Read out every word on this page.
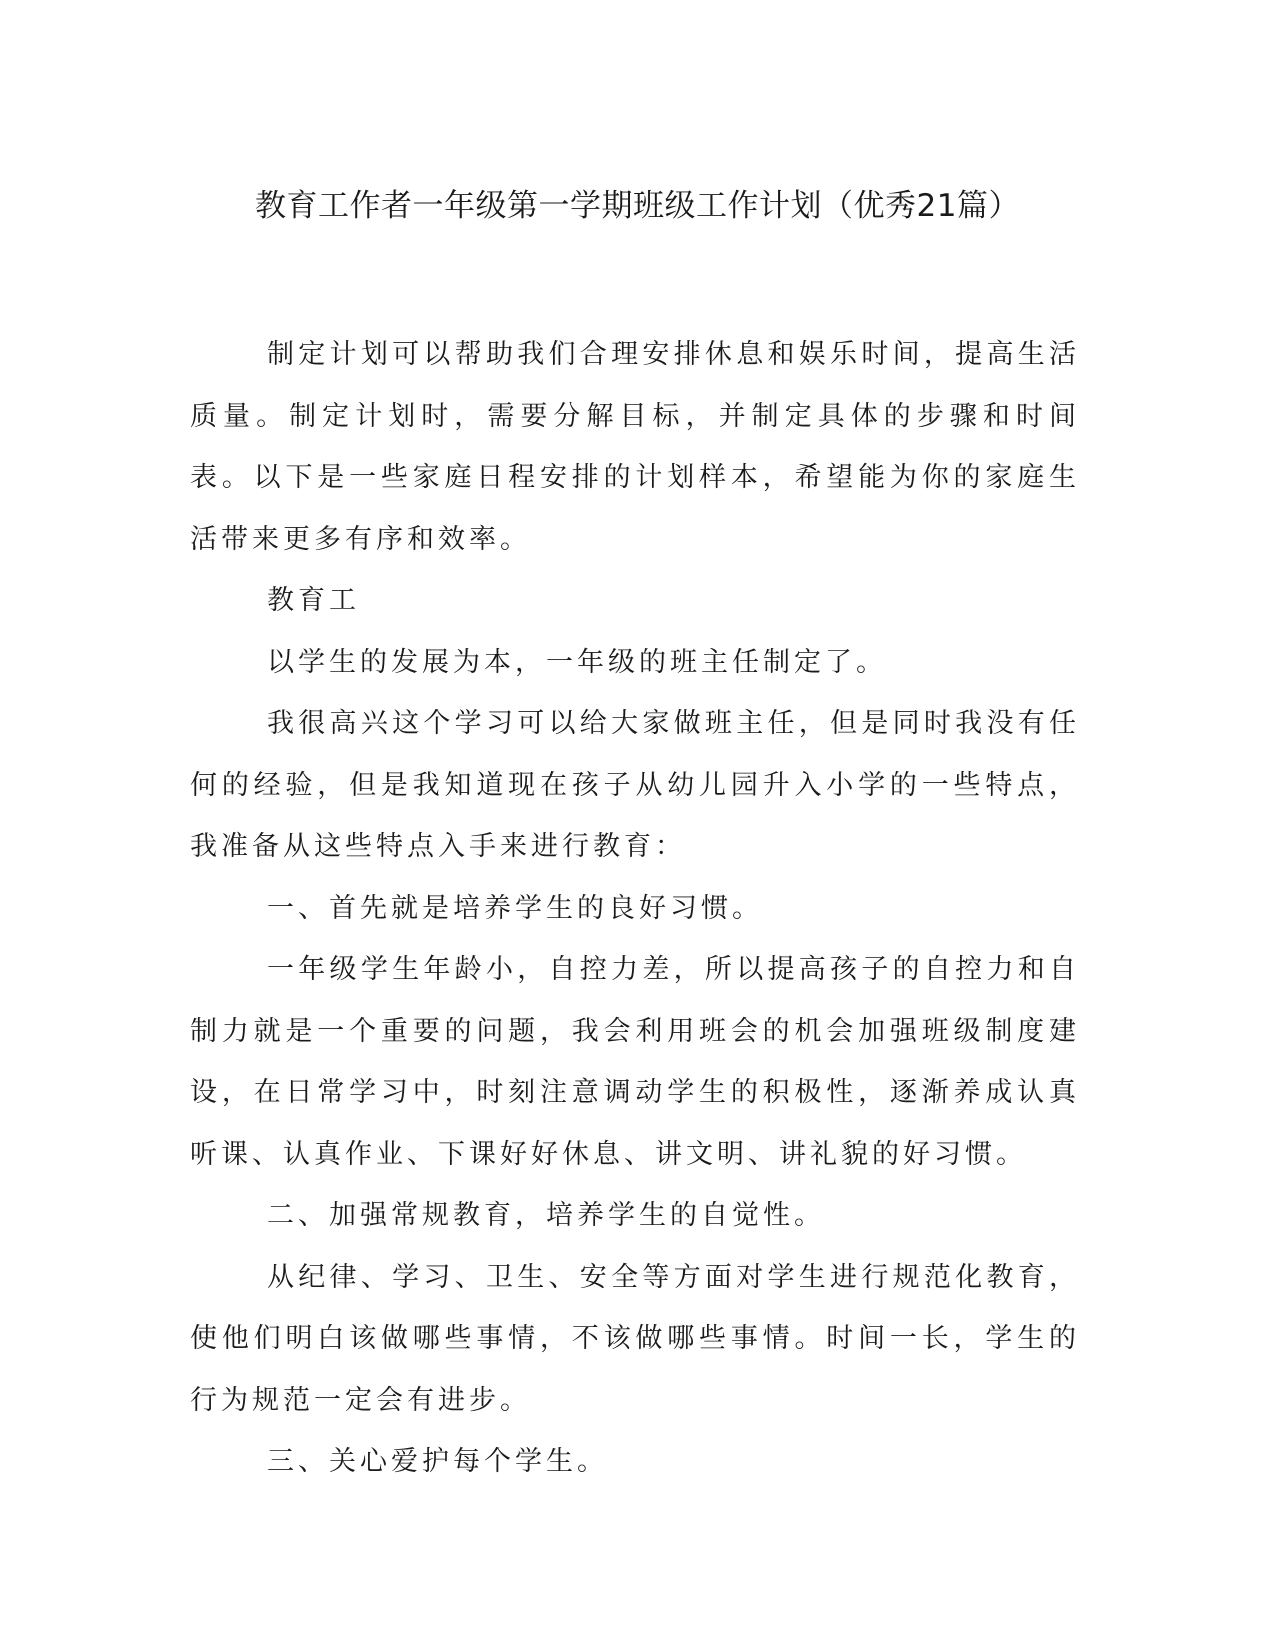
教育工作者一年级第一学期班级工作计划（优秀21篇）

制定计划可以帮助我们合理安排休息和娱乐时间，提高生活质量。制定计划时，需要分解目标，并制定具体的步骤和时间表。以下是一些家庭日程安排的计划样本，希望能为你的家庭生活带来更多有序和效率。

教育工

以学生的发展为本，一年级的班主任制定了。

我很高兴这个学习可以给大家做班主任，但是同时我没有任何的经验，但是我知道现在孩子从幼儿园升入小学的一些特点，我准备从这些特点入手来进行教育：

一、首先就是培养学生的良好习惯。

一年级学生年龄小，自控力差，所以提高孩子的自控力和自制力就是一个重要的问题，我会利用班会的机会加强班级制度建设，在日常学习中，时刻注意调动学生的积极性，逐渐养成认真听课、认真作业、下课好好休息、讲文明、讲礼貌的好习惯。

二、加强常规教育，培养学生的自觉性。

从纪律、学习、卫生、安全等方面对学生进行规范化教育，使他们明白该做哪些事情，不该做哪些事情。时间一长，学生的行为规范一定会有进步。

三、关心爱护每个学生。
